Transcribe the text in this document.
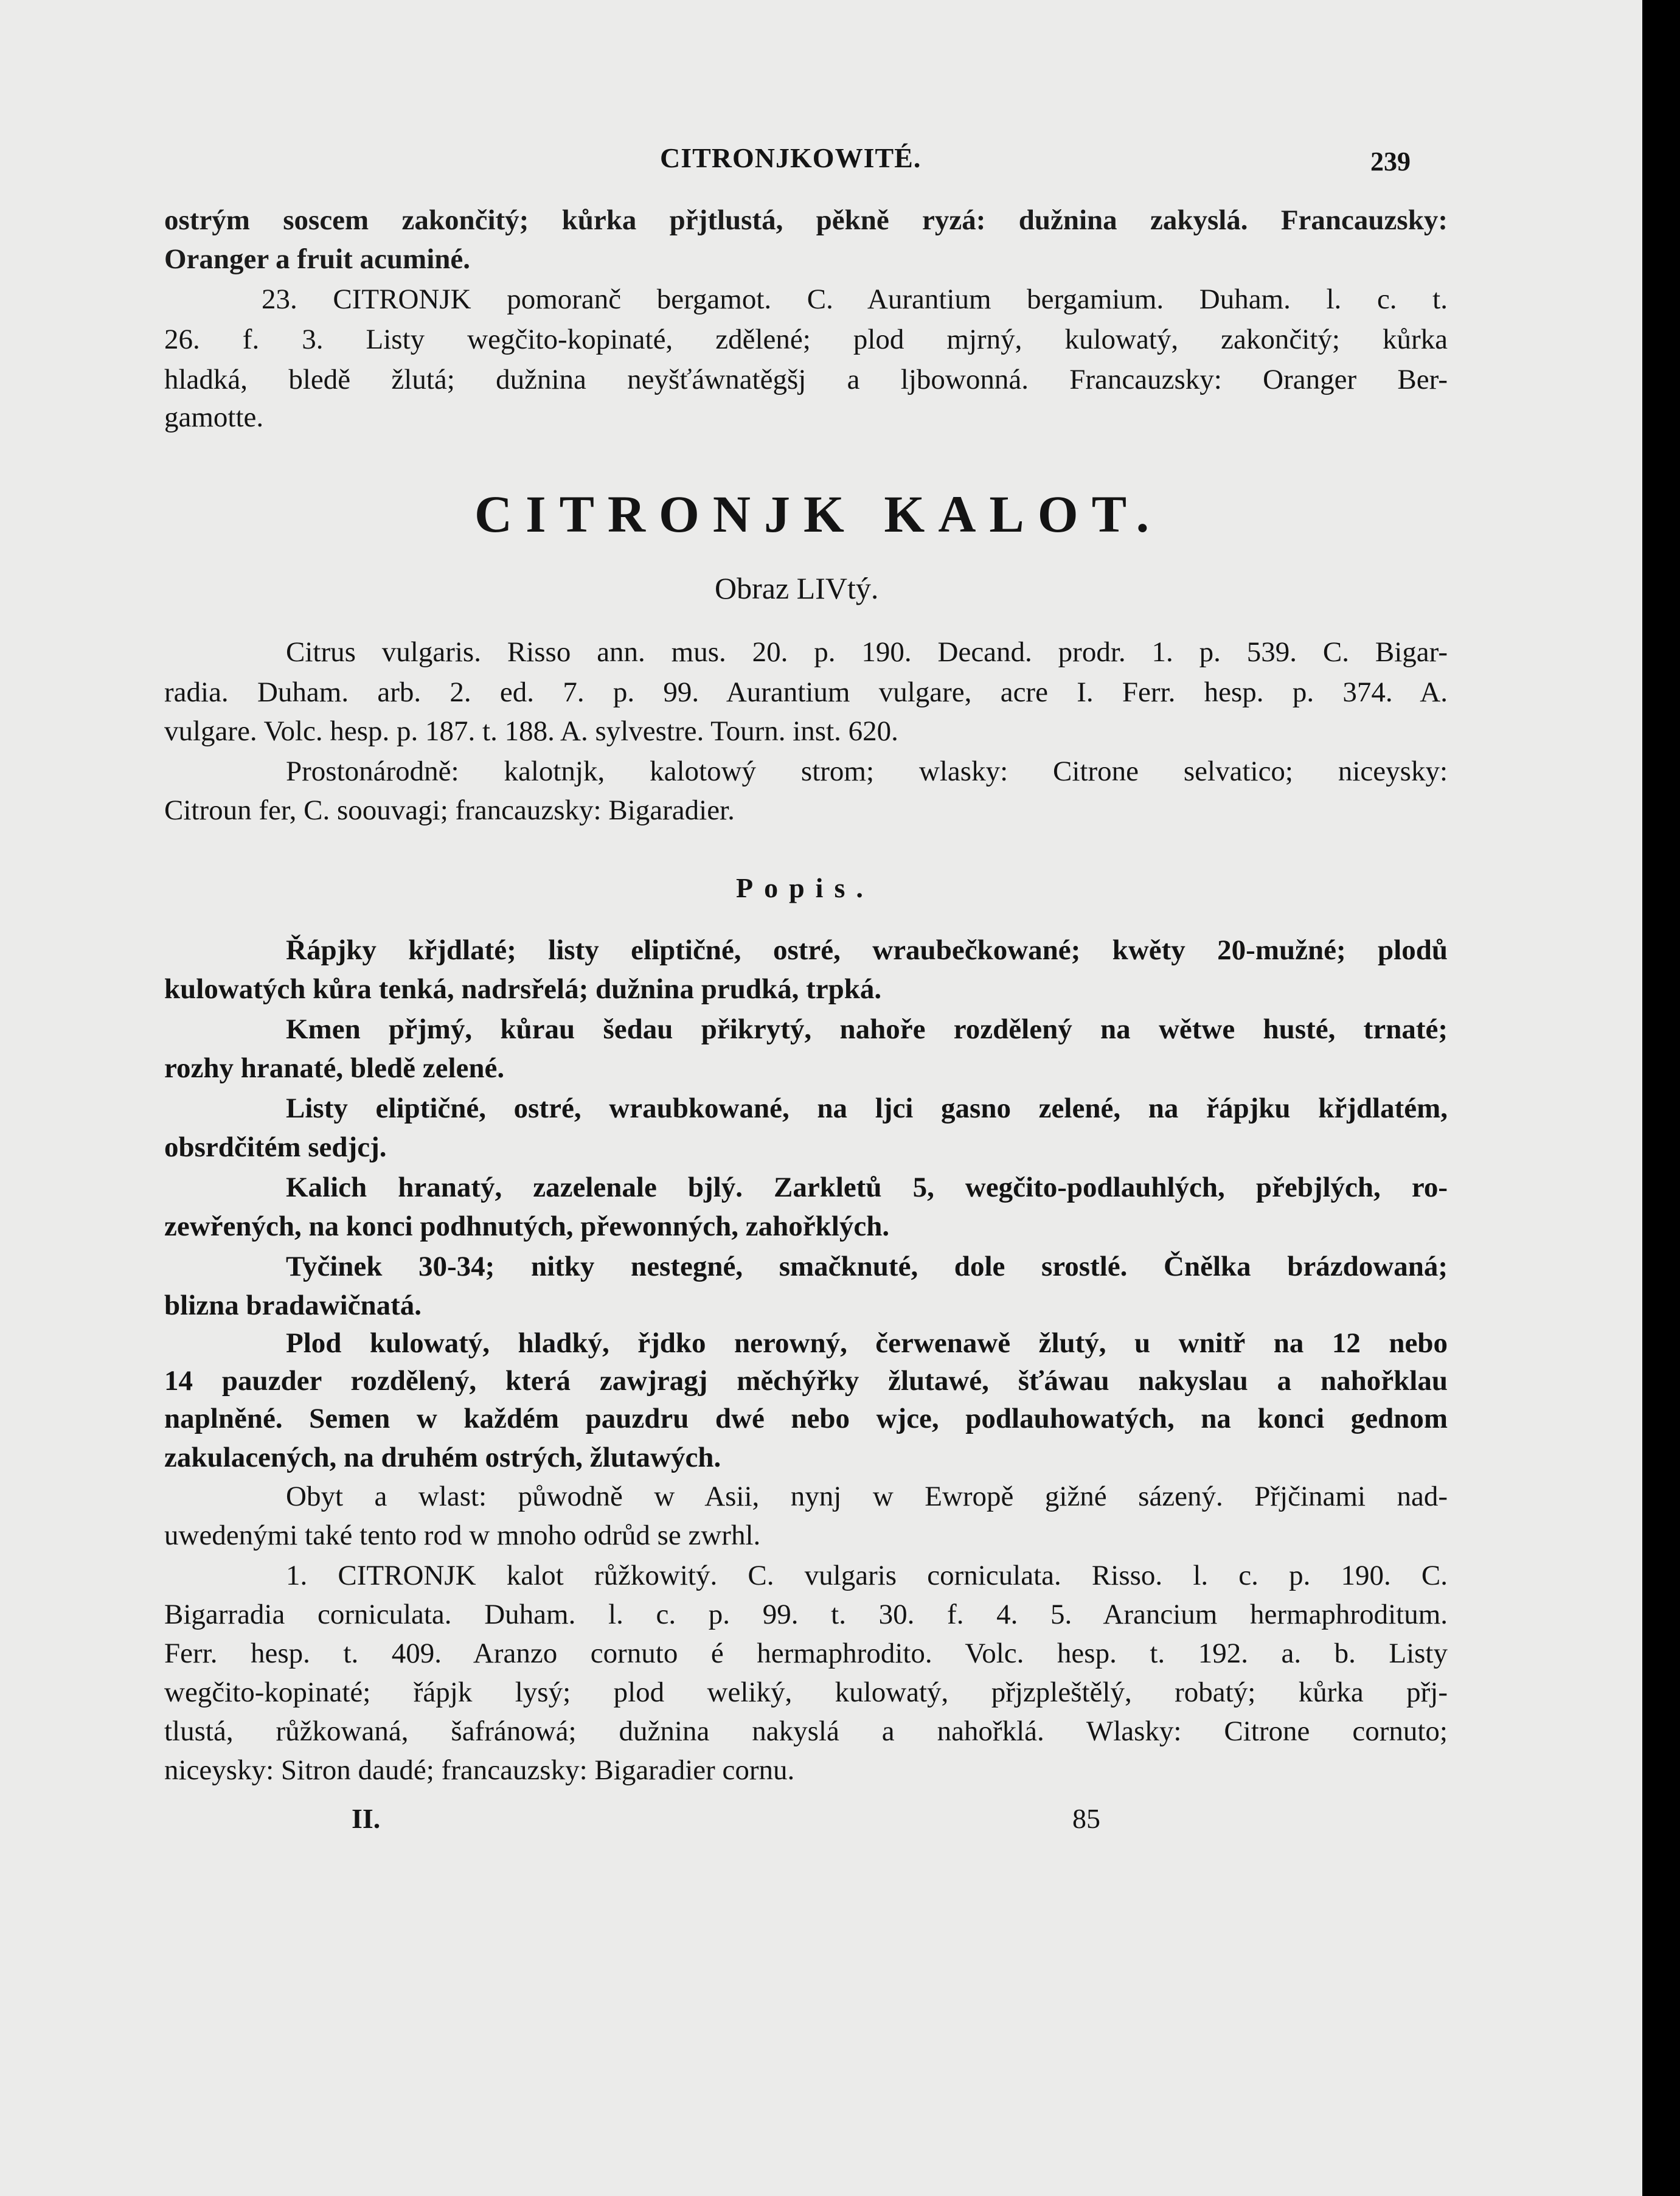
CITRONJKOWITÉ.	239
ostrým soscem zakončitý; kůrka přjtlustá, pěkně ryzá: dužnina zakyslá. Francauzsky:
Oranger a fruit acuminé.
23. CITRONJK pomoranč bergamot. C. Aurantium bergamium. Duham. l. c. t.
26. f. 3. Listy wegčito-kopinaté, zdělené; plod mjrný, kulowatý, zakončitý; kůrka
hladká, bledě žlutá; dužnina neyšťáwnatěgšj a ljbowonná. Francauzsky: Oranger Ber-
gamotte.
CITRONJK KALOT.
Obraz LIVtý.
Citrus vulgaris. Risso ann. mus. 20. p. 190. Decand. prodr. 1. p. 539. C. Bigar-
radia. Duham. arb. 2. ed. 7. p. 99. Aurantium vulgare, acre I. Ferr. hesp. p. 374. A.
vulgare. Volc. hesp. p. 187. t. 188. A. sylvestre. Tourn. inst. 620.
Prostonárodně: kalotnjk, kalotowý strom; wlasky: Citrone selvatico; niceysky:
Citroun fer, C. soouvagi; francauzsky: Bigaradier.
Popis.
Řápjky křjdlaté; listy eliptičné, ostré, wraubečkowané; kwěty 20-mužné; plodů
kulowatých kůra tenká, nadrsřelá; dužnina prudká, trpká.
Kmen přjmý, kůrau šedau přikrytý, nahoře rozdělený na wětwe husté, trnaté;
rozhy hranaté, bledě zelené.
Listy eliptičné, ostré, wraubkowané, na ljci gasno zelené, na řápjku křjdlatém,
obsrdčitém sedjcj.
Kalich hranatý, zazelenale bjlý. Zarkletů 5, wegčito-podlauhlých, přebjlých, ro-
zewřených, na konci podhnutých, přewonných, zahořklých.
Tyčinek 30-34; nitky nestegné, smačknuté, dole srostlé. Čnělka brázdowaná;
blizna bradawičnatá.
Plod kulowatý, hladký, řjdko nerowný, čerwenawě žlutý, u wnitř na 12 nebo
14 pauzder rozdělený, která zawjragj měchýřky žlutawé, šťáwau nakyslau a nahořklau
naplněné. Semen w každém pauzdru dwé nebo wjce, podlauhowatých, na konci gednom
zakulacených, na druhém ostrých, žlutawých.
Obyt a wlast: půwodně w Asii, nynj w Ewropě gižné sázený. Přjčinami nad-
uwedenými také tento rod w mnoho odrůd se zwrhl.
1. CITRONJK kalot růžkowitý. C. vulgaris corniculata. Risso. l. c. p. 190. C.
Bigarradia corniculata. Duham. l. c. p. 99. t. 30. f. 4. 5. Arancium hermaphroditum.
Ferr. hesp. t. 409. Aranzo cornuto é hermaphrodito. Volc. hesp. t. 192. a. b. Listy
wegčito-kopinaté; řápjk lysý; plod weliký, kulowatý, přjzpleštělý, robatý; kůrka přj-
tlustá, růžkowaná, šafránowá; dužnina nakyslá a nahořklá. Wlasky: Citrone cornuto;
niceysky: Sitron daudé; francauzsky: Bigaradier cornu.
II.	85
